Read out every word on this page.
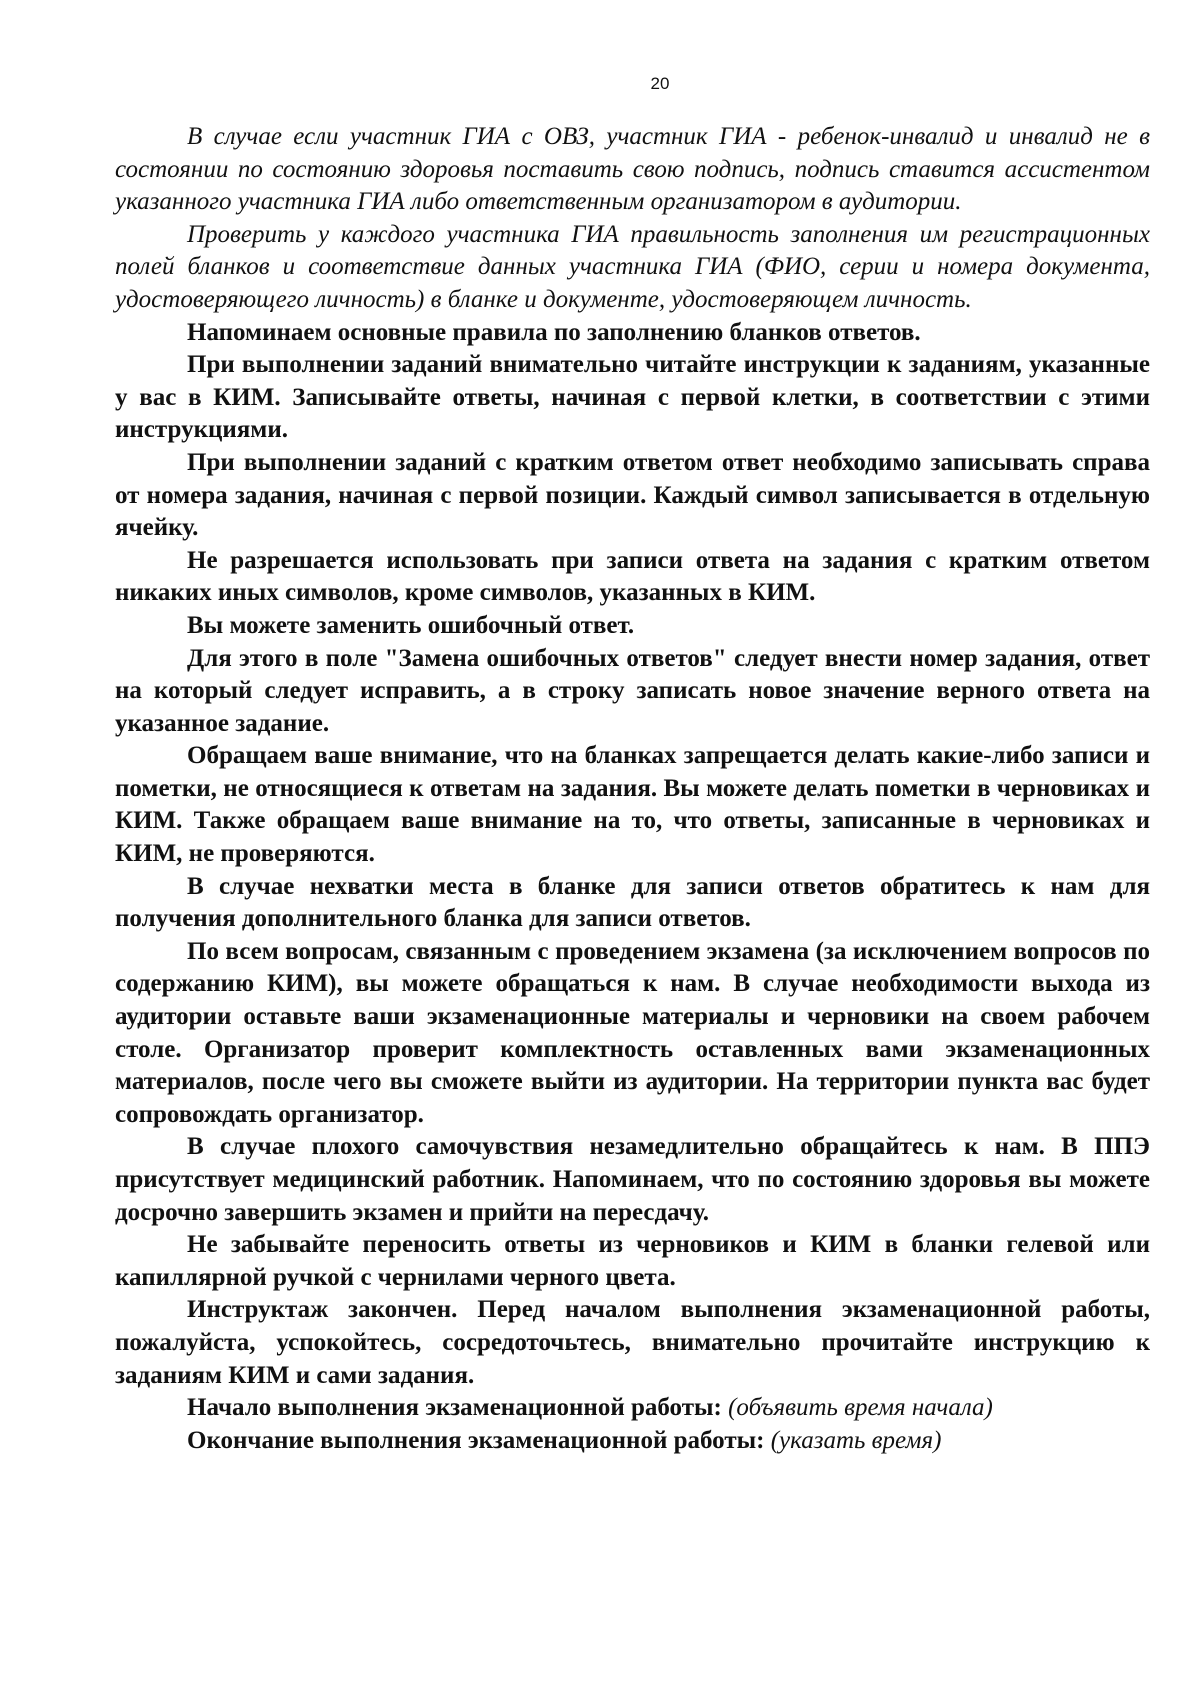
20

В случае если участник ГИА с ОВЗ, участник ГИА - ребенок-инвалид и инвалид не в состоянии по состоянию здоровья поставить свою подпись, подпись ставится ассистентом указанного участника ГИА либо ответственным организатором в аудитории.

Проверить у каждого участника ГИА правильность заполнения им регистрационных полей бланков и соответствие данных участника ГИА (ФИО, серии и номера документа, удостоверяющего личность) в бланке и документе, удостоверяющем личность.

Напоминаем основные правила по заполнению бланков ответов.

При выполнении заданий внимательно читайте инструкции к заданиям, указанные у вас в КИМ. Записывайте ответы, начиная с первой клетки, в соответствии с этими инструкциями.

При выполнении заданий с кратким ответом ответ необходимо записывать справа от номера задания, начиная с первой позиции. Каждый символ записывается в отдельную ячейку.

Не разрешается использовать при записи ответа на задания с кратким ответом никаких иных символов, кроме символов, указанных в КИМ.

Вы можете заменить ошибочный ответ.

Для этого в поле "Замена ошибочных ответов" следует внести номер задания, ответ на который следует исправить, а в строку записать новое значение верного ответа на указанное задание.

Обращаем ваше внимание, что на бланках запрещается делать какие-либо записи и пометки, не относящиеся к ответам на задания. Вы можете делать пометки в черновиках и КИМ. Также обращаем ваше внимание на то, что ответы, записанные в черновиках и КИМ, не проверяются.

В случае нехватки места в бланке для записи ответов обратитесь к нам для получения дополнительного бланка для записи ответов.

По всем вопросам, связанным с проведением экзамена (за исключением вопросов по содержанию КИМ), вы можете обращаться к нам. В случае необходимости выхода из аудитории оставьте ваши экзаменационные материалы и черновики на своем рабочем столе. Организатор проверит комплектность оставленных вами экзаменационных материалов, после чего вы сможете выйти из аудитории. На территории пункта вас будет сопровождать организатор.

В случае плохого самочувствия незамедлительно обращайтесь к нам. В ППЭ присутствует медицинский работник. Напоминаем, что по состоянию здоровья вы можете досрочно завершить экзамен и прийти на пересдачу.

Не забывайте переносить ответы из черновиков и КИМ в бланки гелевой или капиллярной ручкой с чернилами черного цвета.

Инструктаж закончен. Перед началом выполнения экзаменационной работы, пожалуйста, успокойтесь, сосредоточьтесь, внимательно прочитайте инструкцию к заданиям КИМ и сами задания.

Начало выполнения экзаменационной работы: (объявить время начала)

Окончание выполнения экзаменационной работы: (указать время)
